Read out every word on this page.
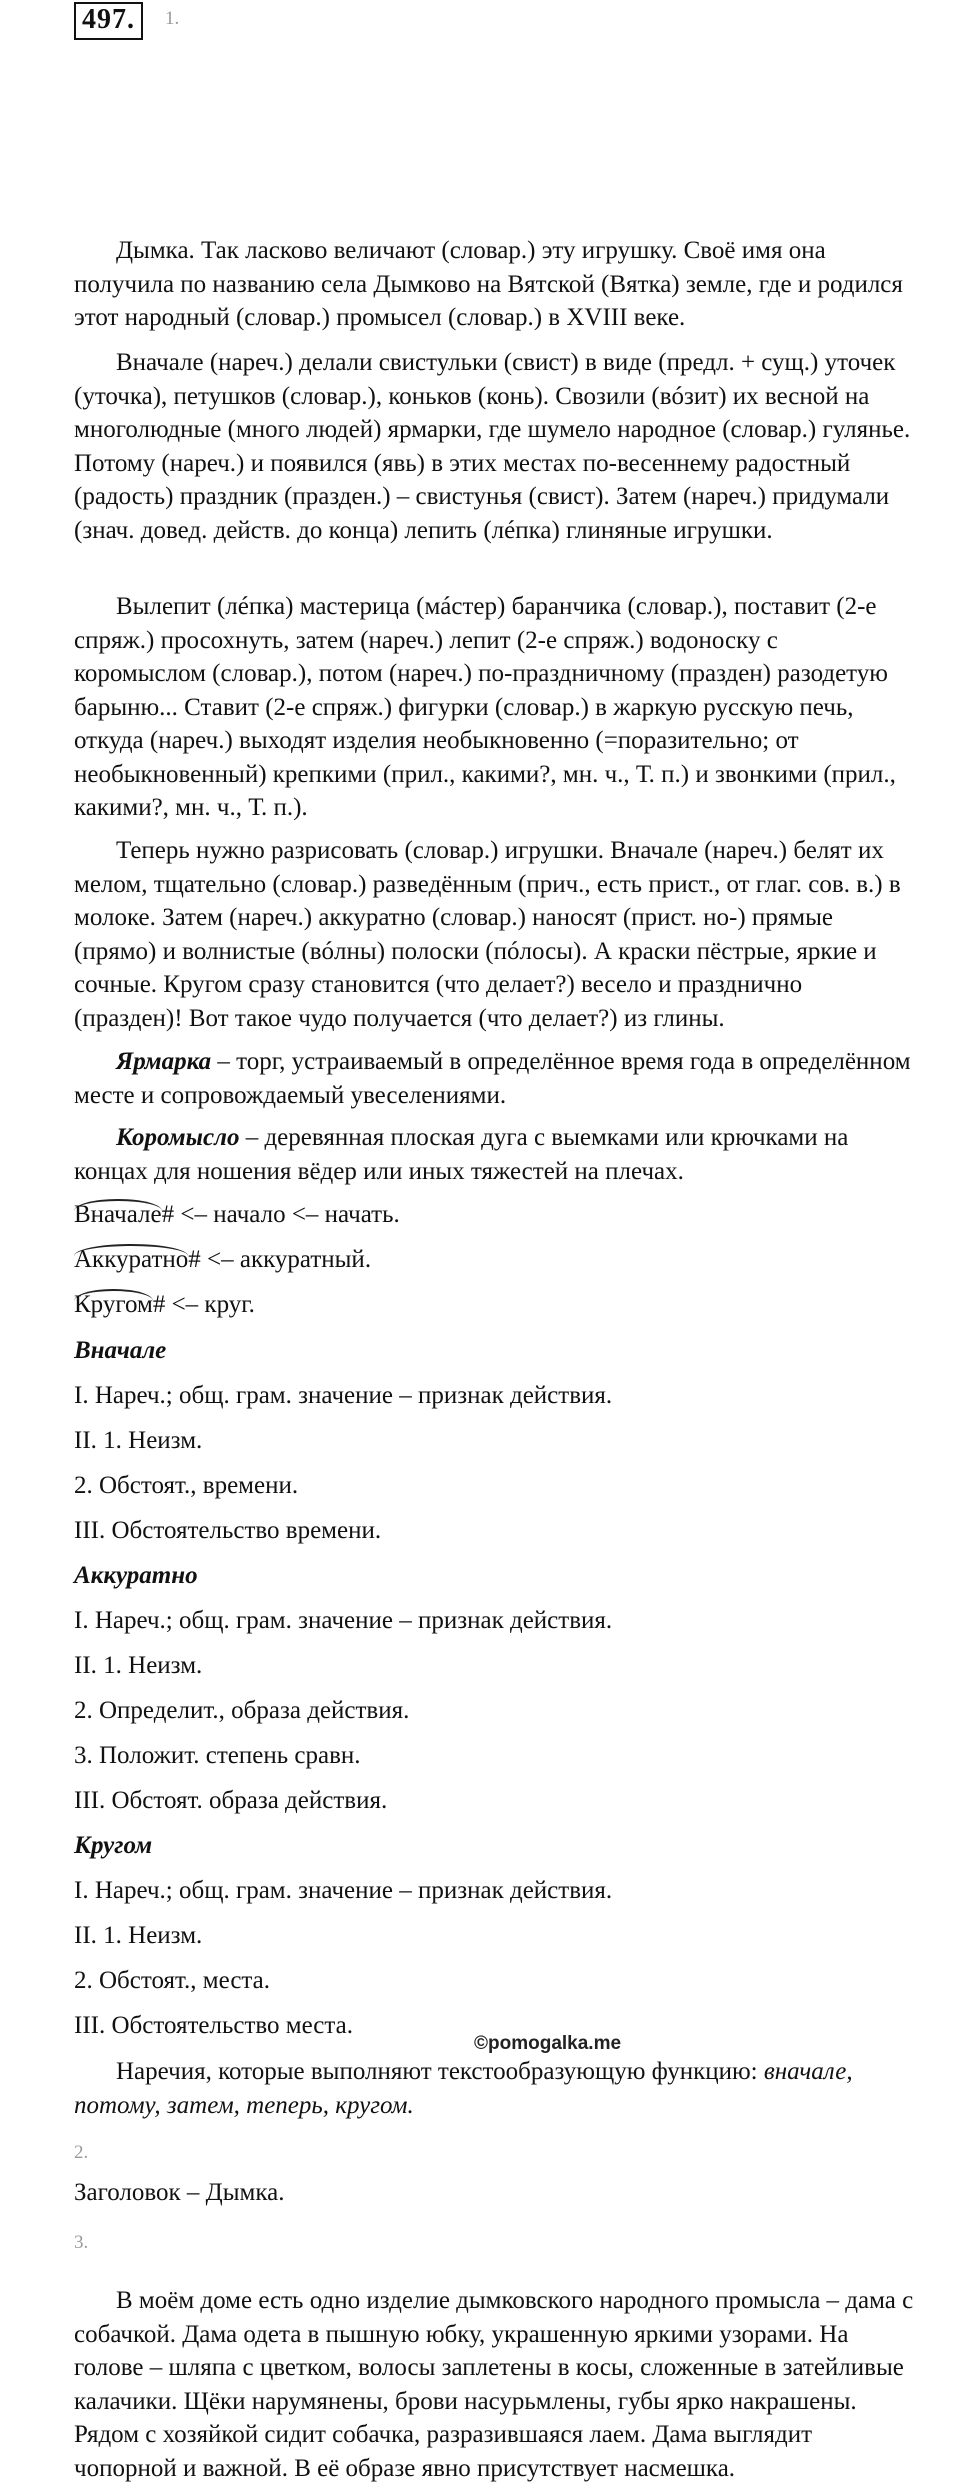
497.	1.

Дымка. Так ласково величают (словар.) эту игрушку. Своё имя она получила по названию села Дымково на Вятской (Вятка) земле, где и родился этот народный (словар.) промысел (словар.) в XVIII веке.

Вначале (нареч.) делали свистульки (свист) в виде (предл. + сущ.) уточек (уточка), петушков (словар.), коньков (конь). Свозили (вóзит) их весной на многолюдные (много людей) ярмарки, где шумело народное (словар.) гулянье. Потому (нареч.) и появился (явь) в этих местах по-весеннему радостный (радость) праздник (празден.) – свистунья (свист). Затем (нареч.) придумали (знач. довед. действ. до конца) лепить (лéпка) глиняные игрушки.

Вылепит (лéпка) мастерица (мáстер) баранчика (словар.), поставит (2-е спряж.) просохнуть, затем (нареч.) лепит (2-е спряж.) водоноску с коромыслом (словар.), потом (нареч.) по-праздничному (празден) разодетую барыню... Ставит (2-е спряж.) фигурки (словар.) в жаркую русскую печь, откуда (нареч.) выходят изделия необыкновенно (=поразительно; от необыкновенный) крепкими (прил., какими?, мн. ч., Т. п.) и звонкими (прил., какими?, мн. ч., Т. п.).

Теперь нужно разрисовать (словар.) игрушки. Вначале (нареч.) белят их мелом, тщательно (словар.) разведённым (прич., есть прист., от глаг. сов. в.) в молоке. Затем (нареч.) аккуратно (словар.) наносят (прист. но-) прямые (прямо) и волнистые (вóлны) полоски (пóлосы). А краски пёстрые, яркие и сочные. Кругом сразу становится (что делает?) весело и празднично (празден)! Вот такое чудо получается (что делает?) из глины.

Ярмарка – торг, устраиваемый в определённое время года в определённом месте и сопровождаемый увеселениями.

Коромысло – деревянная плоская дуга с выемками или крючками на концах для ношения вёдер или иных тяжестей на плечах.

Вначале# <– начало <– начать.
Аккуратно# <– аккуратный.
Кругом# <– круг.
Вначале
I. Нареч.; общ. грам. значение – признак действия.
II. 1. Неизм.
2. Обстоят., времени.
III. Обстоятельство времени.
Аккуратно
I. Нареч.; общ. грам. значение – признак действия.
II. 1. Неизм.
2. Определит., образа действия.
3. Положит. степень сравн.
III. Обстоят. образа действия.
Кругом
I. Нареч.; общ. грам. значение – признак действия.
II. 1. Неизм.
2. Обстоят., места.
III. Обстоятельство места.
©pomogalka.me

Наречия, которые выполняют текстообразующую функцию: вначале, потому, затем, теперь, кругом.

2.
Заголовок – Дымка.
3.

В моём доме есть одно изделие дымковского народного промысла – дама с собачкой. Дама одета в пышную юбку, украшенную яркими узорами. На голове – шляпа с цветком, волосы заплетены в косы, сложенные в затейливые калачики. Щёки нарумянены, брови насурьмлены, губы ярко накрашены. Рядом с хозяйкой сидит собачка, разразившаяся лаем. Дама выглядит чопорной и важной. В её образе явно присутствует насмешка.
